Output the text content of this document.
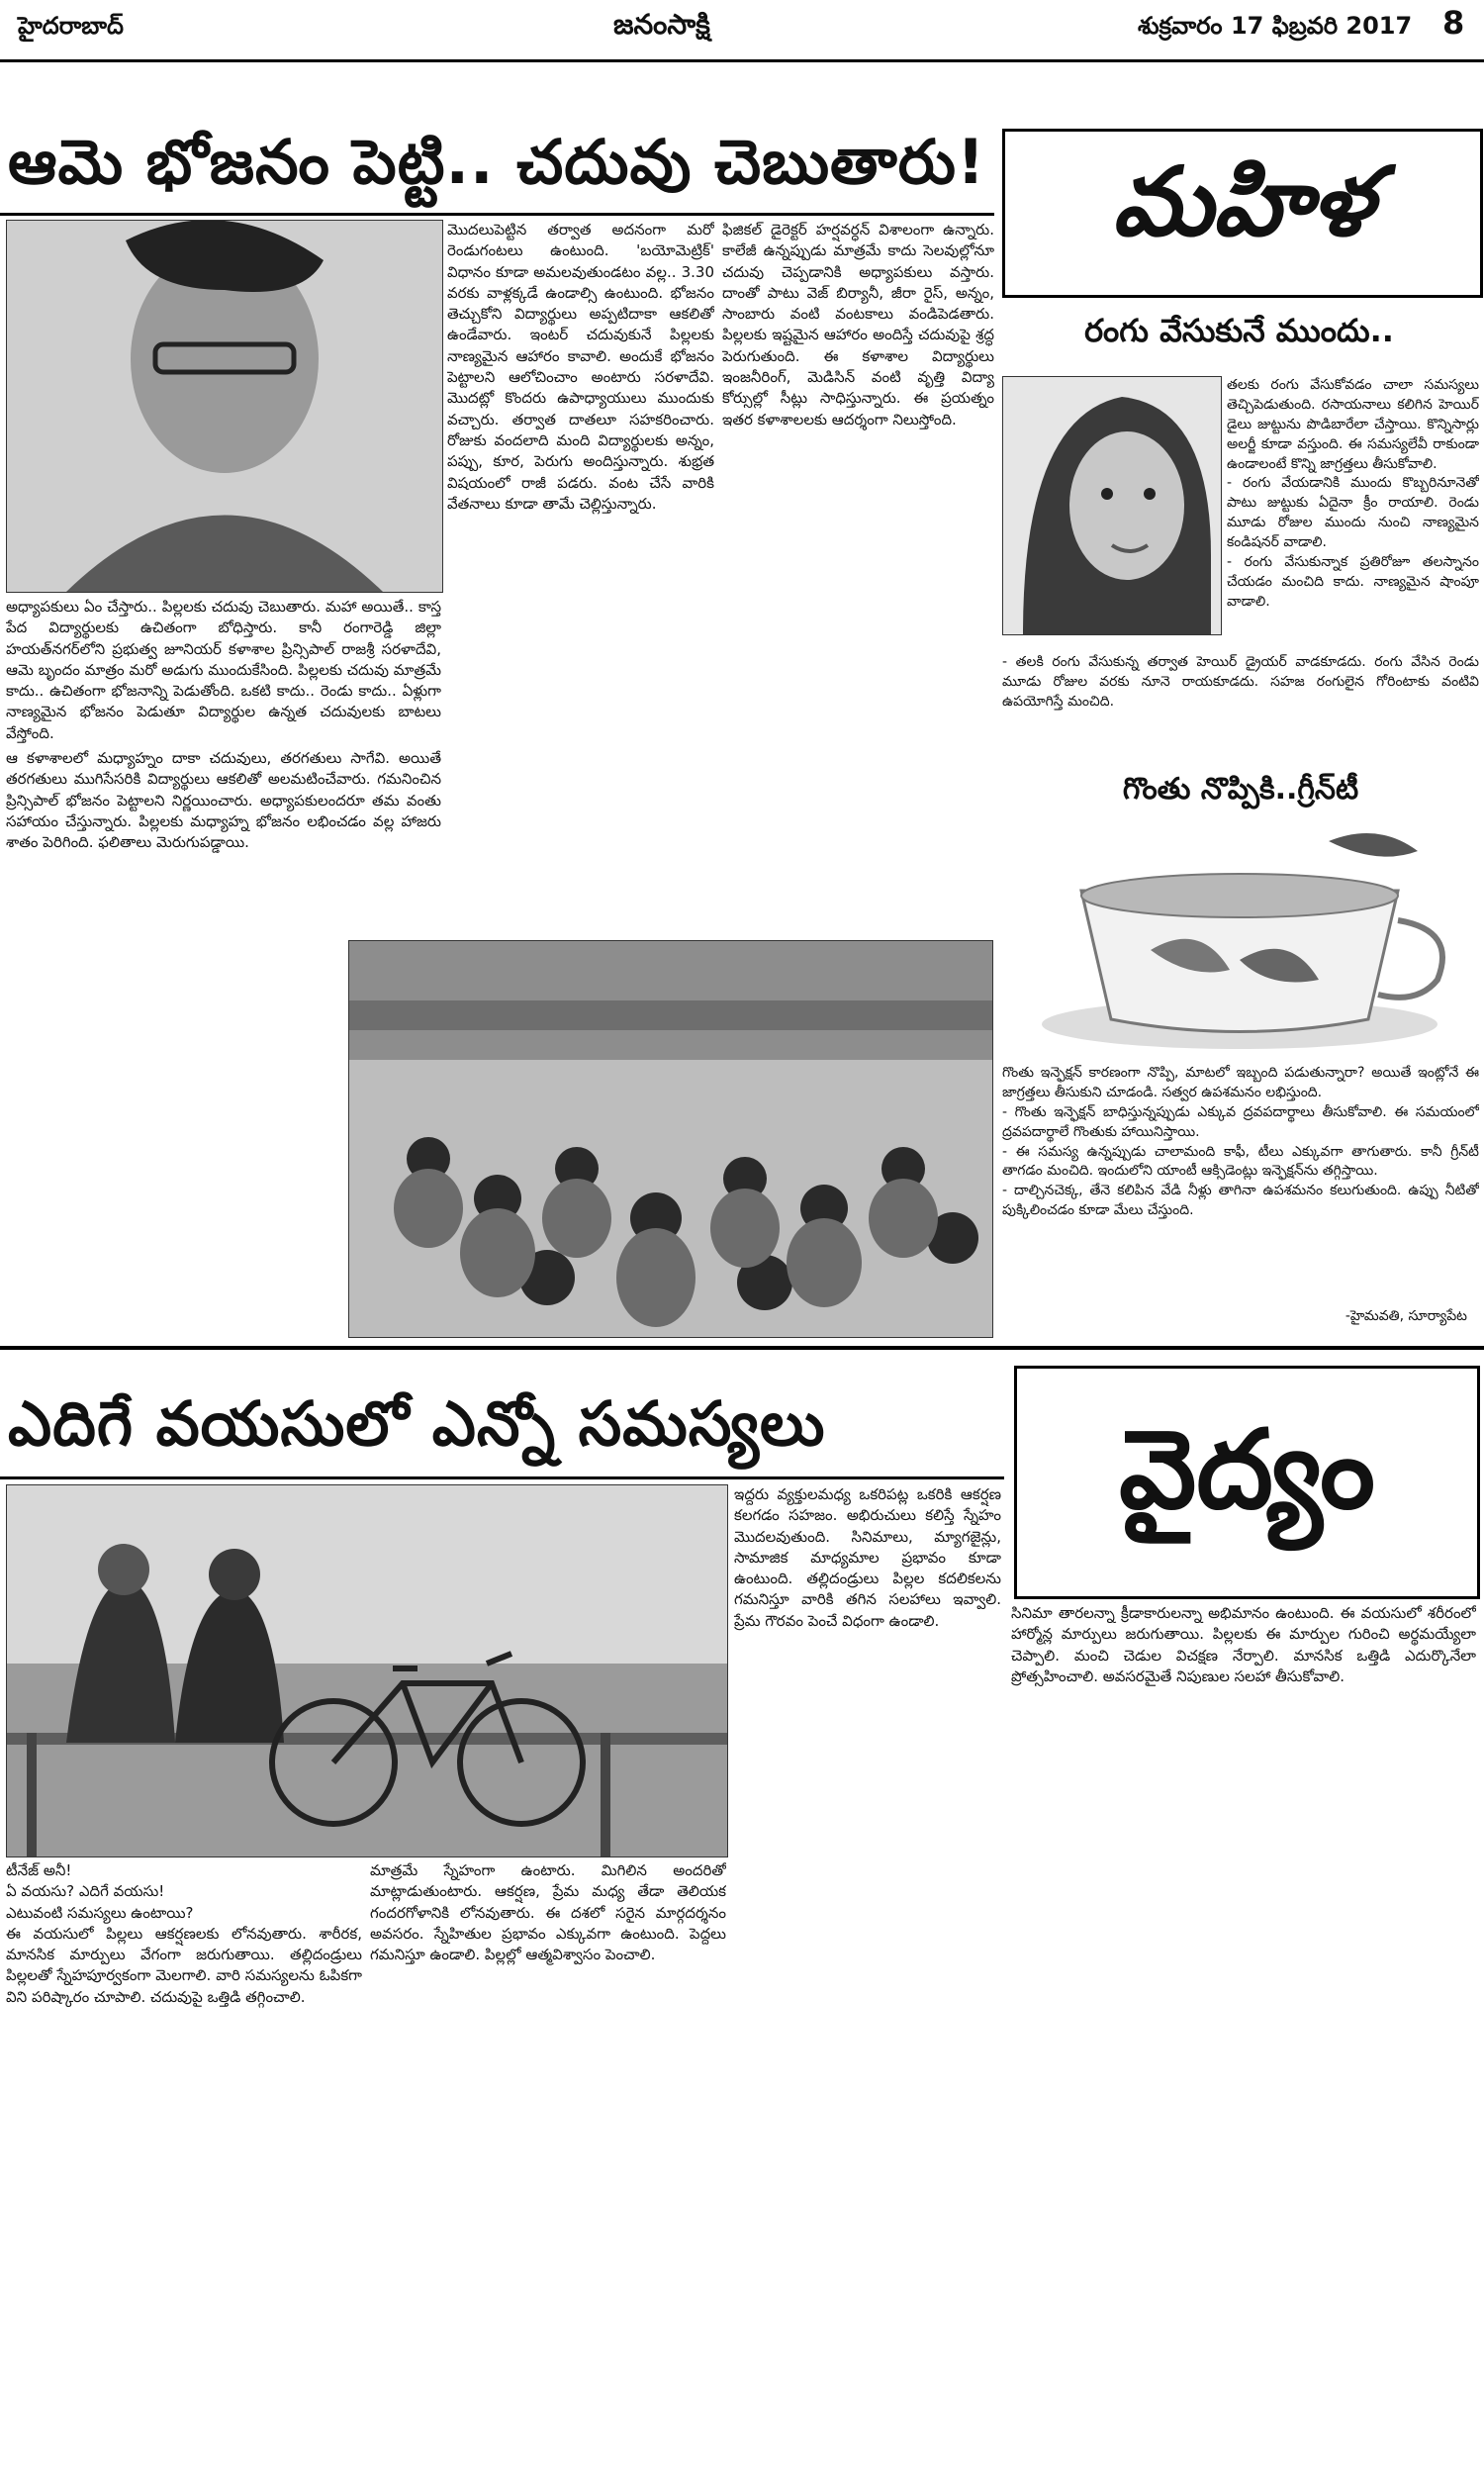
హైదరాబాద్	జనంసాక్షి	శుక్రవారం 17 ఫిబ్రవరి 2017 8
ఆమె భోజనం పెట్టి.. చదువు చెబుతారు!

అధ్యాపకులు ఏం చేస్తారు.. పిల్లలకు చదువు చెబుతారు. మహా అయితే.. కాస్త పేద విద్యార్థులకు ఉచితంగా బోధిస్తారు. కానీ రంగారెడ్డి జిల్లా హయత్‌నగర్‌లోని ప్రభుత్వ జూనియర్ కళాశాల ప్రిన్సిపాల్ రాజశ్రీ సరళాదేవి, ఆమె బృందం మాత్రం మరో అడుగు ముందుకేసింది. పిల్లలకు చదువు మాత్రమే కాదు.. ఉచితంగా భోజనాన్ని పెడుతోంది. ఒకటి కాదు.. రెండు కాదు.. ఏళ్లుగా నాణ్యమైన భోజనం పెడుతూ విద్యార్థుల ఉన్నత చదువులకు బాటలు వేస్తోంది.

ఆ కళాశాలలో మధ్యాహ్నం దాకా చదువులు, తరగతులు సాగేవి. అయితే తరగతులు ముగిసేసరికి విద్యార్థులు ఆకలితో అలమటించేవారు. గమనించిన ప్రిన్సిపాల్ భోజనం పెట్టాలని నిర్ణయించారు. అధ్యాపకులందరూ తమ వంతు సహాయం చేస్తున్నారు. పిల్లలకు మధ్యాహ్న భోజనం లభించడం వల్ల హాజరు శాతం పెరిగింది. ఫలితాలు మెరుగుపడ్డాయి.

మొదలుపెట్టిన తర్వాత అదనంగా మరో రెండుగంటలు ఉంటుంది. 'బయోమెట్రిక్' విధానం కూడా అమలవుతుండటం వల్ల.. 3.30 వరకు వాళ్లక్కడే ఉండాల్సి ఉంటుంది. భోజనం తెచ్చుకోని విద్యార్థులు అప్పటిదాకా ఆకలితో ఉండేవారు. ఇంటర్ చదువుకునే పిల్లలకు నాణ్యమైన ఆహారం కావాలి. అందుకే భోజనం పెట్టాలని ఆలోచించాం అంటారు సరళాదేవి. మొదట్లో కొందరు ఉపాధ్యాయులు ముందుకు వచ్చారు. తర్వాత దాతలూ సహకరించారు. రోజుకు వందలాది మంది విద్యార్థులకు అన్నం, పప్పు, కూర, పెరుగు అందిస్తున్నారు. శుభ్రత విషయంలో రాజీ పడరు. వంట చేసే వారికి వేతనాలు కూడా తామే చెల్లిస్తున్నారు.
ఫిజికల్ డైరెక్టర్ హర్షవర్ధన్ విశాలంగా ఉన్నారు. కాలేజీ ఉన్నప్పుడు మాత్రమే కాదు సెలవుల్లోనూ చదువు చెప్పడానికి అధ్యాపకులు వస్తారు. దాంతో పాటు వెజ్ బిర్యానీ, జీరా రైస్, అన్నం, సాంబారు వంటి వంటకాలు వండిపెడతారు. పిల్లలకు ఇష్టమైన ఆహారం అందిస్తే చదువుపై శ్రద్ధ పెరుగుతుంది. ఈ కళాశాల విద్యార్థులు ఇంజనీరింగ్, మెడిసిన్ వంటి వృత్తి విద్యా కోర్సుల్లో సీట్లు సాధిస్తున్నారు. ఈ ప్రయత్నం ఇతర కళాశాలలకు ఆదర్శంగా నిలుస్తోంది.
మహిళ
రంగు వేసుకునే ముందు..
తలకు రంగు వేసుకోవడం చాలా సమస్యలు తెచ్చిపెడుతుంది. రసాయనాలు కలిగిన హెయిర్ డైలు జుట్టును పొడిబారేలా చేస్తాయి. కొన్నిసార్లు అలర్జీ కూడా వస్తుంది. ఈ సమస్యలేవీ రాకుండా ఉండాలంటే కొన్ని జాగ్రత్తలు తీసుకోవాలి.
- రంగు వేయడానికి ముందు కొబ్బరినూనెతో పాటు జుట్టుకు ఏదైనా క్రీం రాయాలి. రెండు మూడు రోజుల ముందు నుంచి నాణ్యమైన కండిషనర్ వాడాలి.
- రంగు వేసుకున్నాక ప్రతిరోజూ తలస్నానం చేయడం మంచిది కాదు. నాణ్యమైన షాంపూ వాడాలి.
- తలకి రంగు వేసుకున్న తర్వాత హెయిర్ డ్రైయర్ వాడకూడదు. రంగు వేసిన రెండు మూడు రోజుల వరకు నూనె రాయకూడదు. సహజ రంగులైన గోరింటాకు వంటివి ఉపయోగిస్తే మంచిది.
గొంతు నొప్పికి..గ్రీన్‌టీ
గొంతు ఇన్ఫెక్షన్ కారణంగా నొప్పి, మాటలో ఇబ్బంది పడుతున్నారా? అయితే ఇంట్లోనే ఈ జాగ్రత్తలు తీసుకుని చూడండి. సత్వర ఉపశమనం లభిస్తుంది.
- గొంతు ఇన్ఫెక్షన్ బాధిస్తున్నప్పుడు ఎక్కువ ద్రవపదార్థాలు తీసుకోవాలి. ఈ సమయంలో ద్రవపదార్థాలే గొంతుకు హాయినిస్తాయి.
- ఈ సమస్య ఉన్నప్పుడు చాలామంది కాఫీ, టీలు ఎక్కువగా తాగుతారు. కానీ గ్రీన్‌టీ తాగడం మంచిది. ఇందులోని యాంటీ ఆక్సిడెంట్లు ఇన్ఫెక్షన్‌ను తగ్గిస్తాయి.
- దాల్చినచెక్క, తేనె కలిపిన వేడి నీళ్లు తాగినా ఉపశమనం కలుగుతుంది. ఉప్పు నీటితో పుక్కిలించడం కూడా మేలు చేస్తుంది.
-హైమవతి, సూర్యాపేట
ఎదిగే వయసులో ఎన్నో సమస్యలు	వైద్యం
టీనేజ్ అనీ!
ఏ వయసు? ఎదిగే వయసు!
ఎటువంటి సమస్యలు ఉంటాయి?
ఈ వయసులో పిల్లలు ఆకర్షణలకు లోనవుతారు. శారీరక, మానసిక మార్పులు వేగంగా జరుగుతాయి. తల్లిదండ్రులు పిల్లలతో స్నేహపూర్వకంగా మెలగాలి. వారి సమస్యలను ఓపికగా విని పరిష్కారం చూపాలి. చదువుపై ఒత్తిడి తగ్గించాలి.
మాత్రమే స్నేహంగా ఉంటారు. మిగిలిన అందరితో మాట్లాడుతుంటారు. ఆకర్షణ, ప్రేమ మధ్య తేడా తెలియక గందరగోళానికి లోనవుతారు. ఈ దశలో సరైన మార్గదర్శనం అవసరం. స్నేహితుల ప్రభావం ఎక్కువగా ఉంటుంది. పెద్దలు గమనిస్తూ ఉండాలి. పిల్లల్లో ఆత్మవిశ్వాసం పెంచాలి.
ఇద్దరు వ్యక్తులమధ్య ఒకరిపట్ల ఒకరికి ఆకర్షణ కలగడం సహజం. అభిరుచులు కలిస్తే స్నేహం మొదలవుతుంది. సినిమాలు, మ్యాగజైన్లు, సామాజిక మాధ్యమాల ప్రభావం కూడా ఉంటుంది. తల్లిదండ్రులు పిల్లల కదలికలను గమనిస్తూ వారికి తగిన సలహాలు ఇవ్వాలి. ప్రేమ గౌరవం పెంచే విధంగా ఉండాలి.	సినిమా తారలన్నా క్రీడాకారులన్నా అభిమానం ఉంటుంది. ఈ వయసులో శరీరంలో హార్మోన్ల మార్పులు జరుగుతాయి. పిల్లలకు ఈ మార్పుల గురించి అర్థమయ్యేలా చెప్పాలి. మంచి చెడుల విచక్షణ నేర్పాలి. మానసిక ఒత్తిడి ఎదుర్కొనేలా ప్రోత్సహించాలి. అవసరమైతే నిపుణుల సలహా తీసుకోవాలి.
